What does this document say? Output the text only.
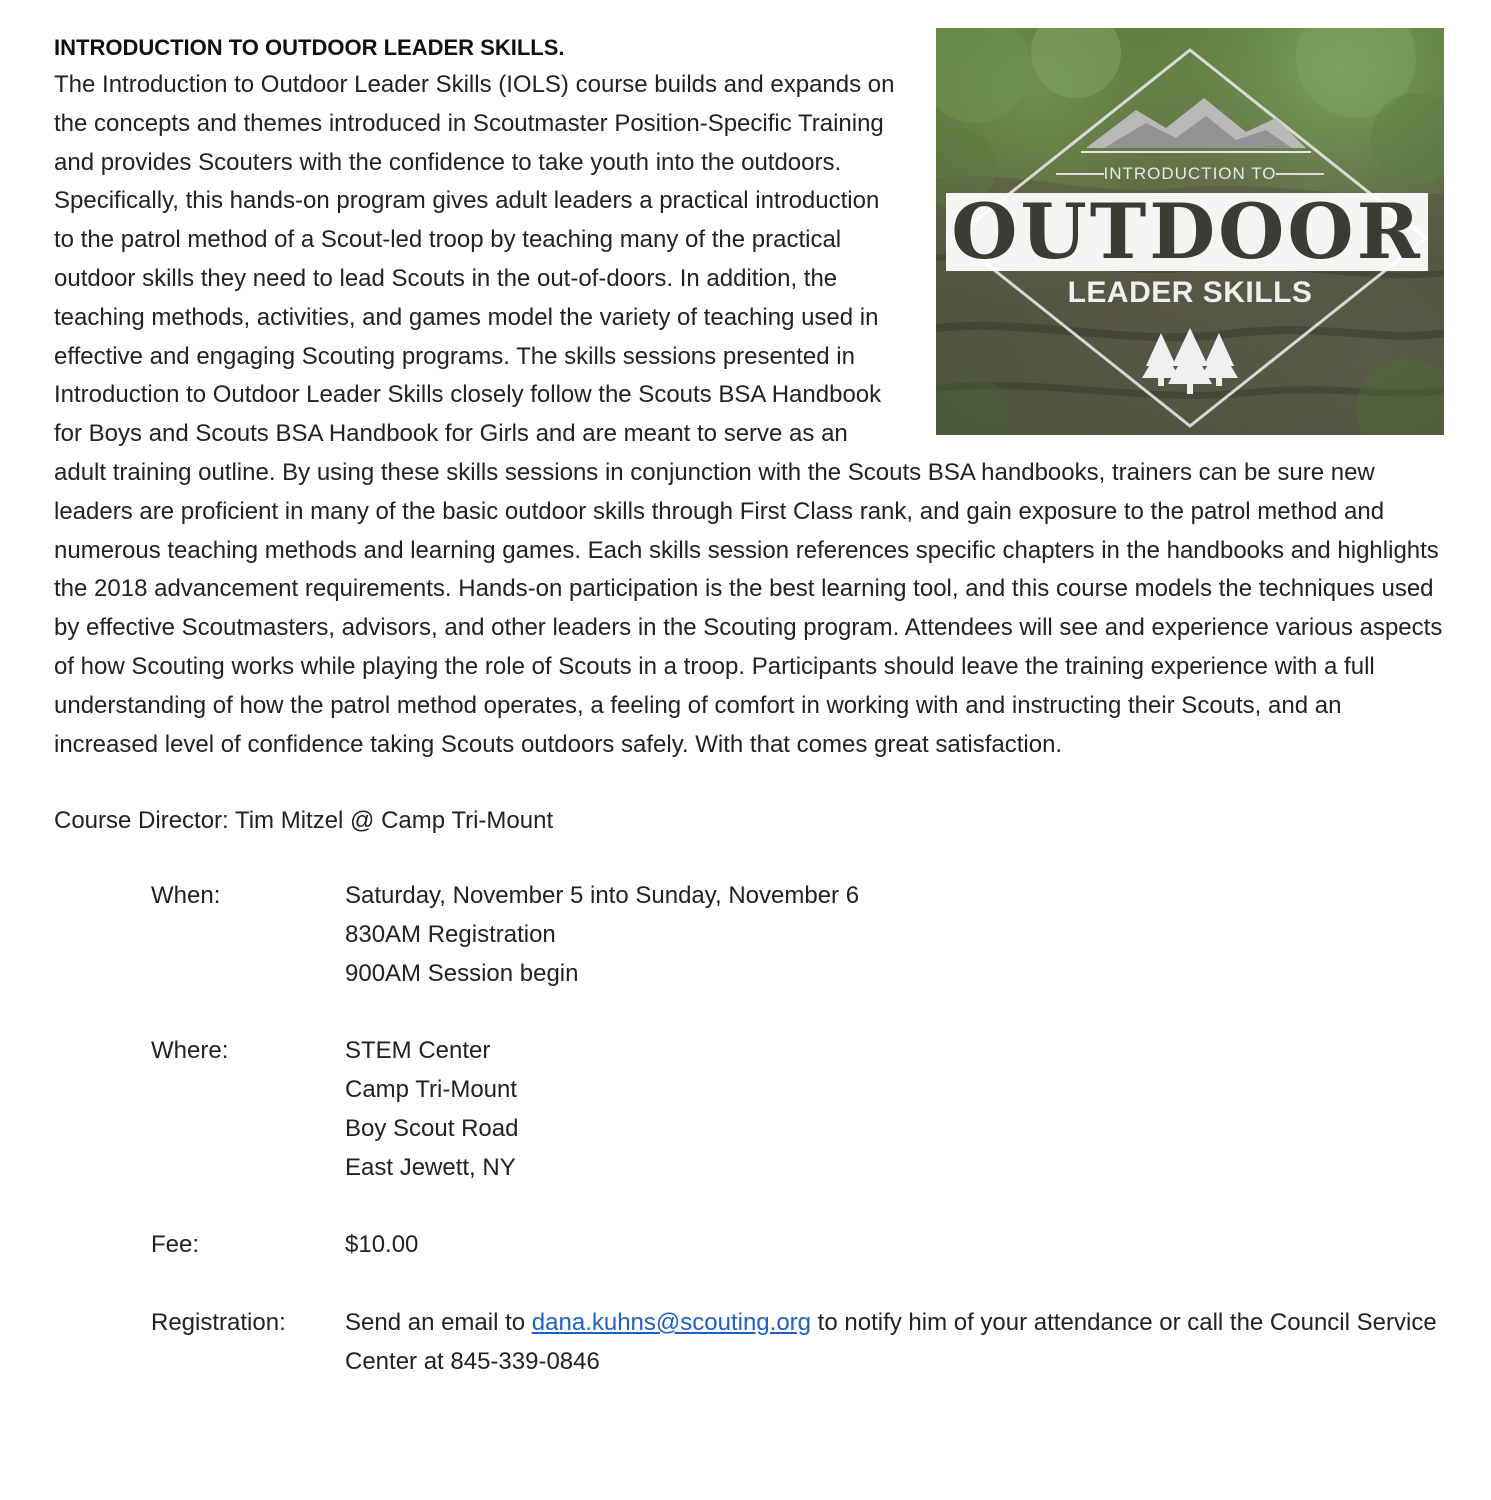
INTRODUCTION TO
OUTDOOR
LEADER SKILLS

INTRODUCTION TO OUTDOOR LEADER SKILLS.

The Introduction to Outdoor Leader Skills (IOLS) course builds and expands on the concepts and themes introduced in Scoutmaster Position-Specific Training and provides Scouters with the confidence to take youth into the outdoors. Specifically, this hands-on program gives adult leaders a practical introduction to the patrol method of a Scout-led troop by teaching many of the practical outdoor skills they need to lead Scouts in the out-of-doors. In addition, the teaching methods, activities, and games model the variety of teaching used in effective and engaging Scouting programs. The skills sessions presented in Introduction to Outdoor Leader Skills closely follow the Scouts BSA Handbook for Boys and Scouts BSA Handbook for Girls and are meant to serve as an adult training outline. By using these skills sessions in conjunction with the Scouts BSA handbooks, trainers can be sure new leaders are proficient in many of the basic outdoor skills through First Class rank, and gain exposure to the patrol method and numerous teaching methods and learning games. Each skills session references specific chapters in the handbooks and highlights the 2018 advancement requirements. Hands-on participation is the best learning tool, and this course models the techniques used by effective Scoutmasters, advisors, and other leaders in the Scouting program. Attendees will see and experience various aspects of how Scouting works while playing the role of Scouts in a troop. Participants should leave the training experience with a full understanding of how the patrol method operates, a feeling of comfort in working with and instructing their Scouts, and an increased level of confidence taking Scouts outdoors safely. With that comes great satisfaction.

Course Director: Tim Mitzel @ Camp Tri-Mount

When:	Saturday, November 5 into Sunday, November 6
830AM Registration
900AM Session begin
Where:	STEM Center
Camp Tri-Mount
Boy Scout Road
East Jewett, NY
Fee:	$10.00
Registration:	Send an email to dana.kuhns@scouting.org to notify him of your attendance or call the Council Service Center at 845-339-0846
